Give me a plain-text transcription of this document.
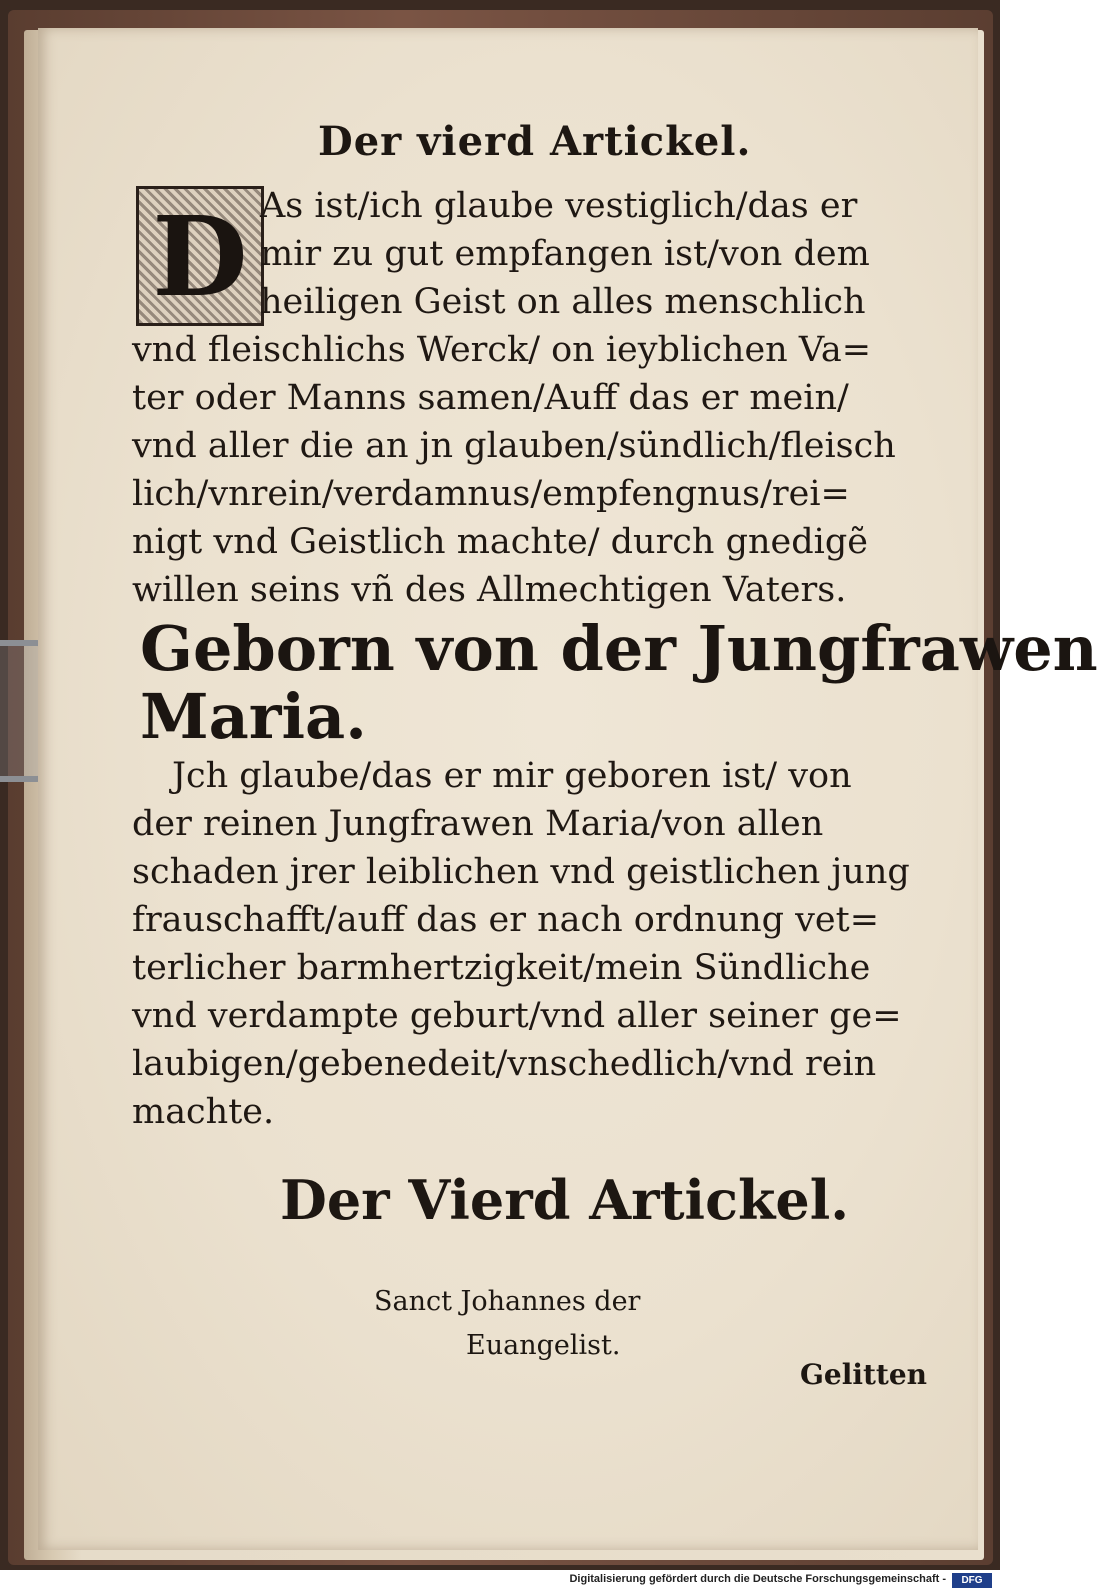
Der vierd Artickel.
D As ist/ich glaube vestiglich/das er
mir zu gut empfangen ist/von dem
heiligen Geist on alles menschlich
vnd fleischlichs Werck/ on ieyblichen Va=
ter oder Manns samen/Auff das er mein/
vnd aller die an jn glauben/sündlich/fleisch
lich/vnrein/verdamnus/empfengnus/rei=
nigt vnd Geistlich machte/ durch gnedigẽ
willen seins vñ des Allmechtigen Vaters.
Geborn von der Jungfrawen
Maria.
Jch glaube/das er mir geboren ist/ von
der reinen Jungfrawen Maria/von allen
schaden jrer leiblichen vnd geistlichen jung
frauschafft/auff das er nach ordnung vet=
terlicher barmhertzigkeit/mein Sündliche
vnd verdampte geburt/vnd aller seiner ge=
laubigen/gebenedeit/vnschedlich/vnd rein
machte.
Der Vierd Artickel.
Sanct Johannes der
Euangelist.
Gelitten
Digitalisierung gefördert durch die Deutsche Forschungsgemeinschaft -	DFG
